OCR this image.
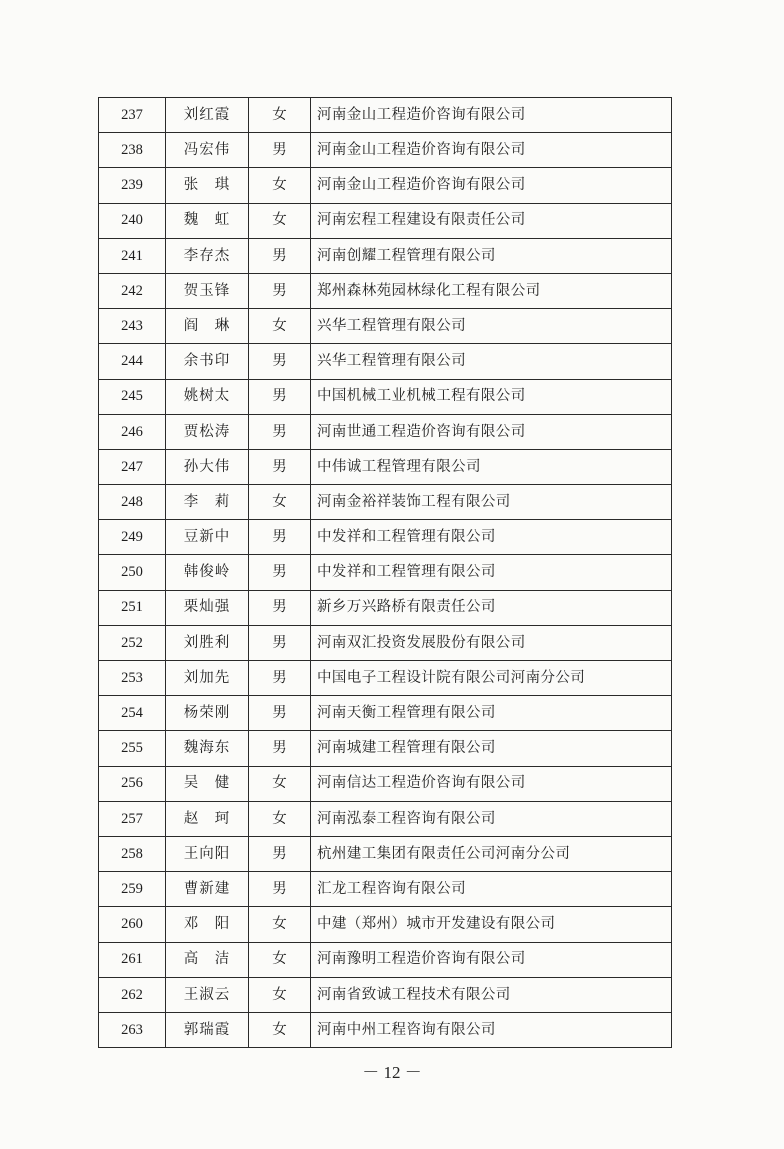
237	刘红霞	女	河南金山工程造价咨询有限公司
238	冯宏伟	男	河南金山工程造价咨询有限公司
239	张　琪	女	河南金山工程造价咨询有限公司
240	魏　虹	女	河南宏程工程建设有限责任公司
241	李存杰	男	河南创耀工程管理有限公司
242	贺玉锋	男	郑州森林苑园林绿化工程有限公司
243	阎　琳	女	兴华工程管理有限公司
244	余书印	男	兴华工程管理有限公司
245	姚树太	男	中国机械工业机械工程有限公司
246	贾松涛	男	河南世通工程造价咨询有限公司
247	孙大伟	男	中伟诚工程管理有限公司
248	李　莉	女	河南金裕祥装饰工程有限公司
249	豆新中	男	中发祥和工程管理有限公司
250	韩俊岭	男	中发祥和工程管理有限公司
251	栗灿强	男	新乡万兴路桥有限责任公司
252	刘胜利	男	河南双汇投资发展股份有限公司
253	刘加先	男	中国电子工程设计院有限公司河南分公司
254	杨荣刚	男	河南天衡工程管理有限公司
255	魏海东	男	河南城建工程管理有限公司
256	吴　健	女	河南信达工程造价咨询有限公司
257	赵　珂	女	河南泓泰工程咨询有限公司
258	王向阳	男	杭州建工集团有限责任公司河南分公司
259	曹新建	男	汇龙工程咨询有限公司
260	邓　阳	女	中建（郑州）城市开发建设有限公司
261	高　洁	女	河南豫明工程造价咨询有限公司
262	王淑云	女	河南省致诚工程技术有限公司
263	郭瑞霞	女	河南中州工程咨询有限公司
－ 12 －
